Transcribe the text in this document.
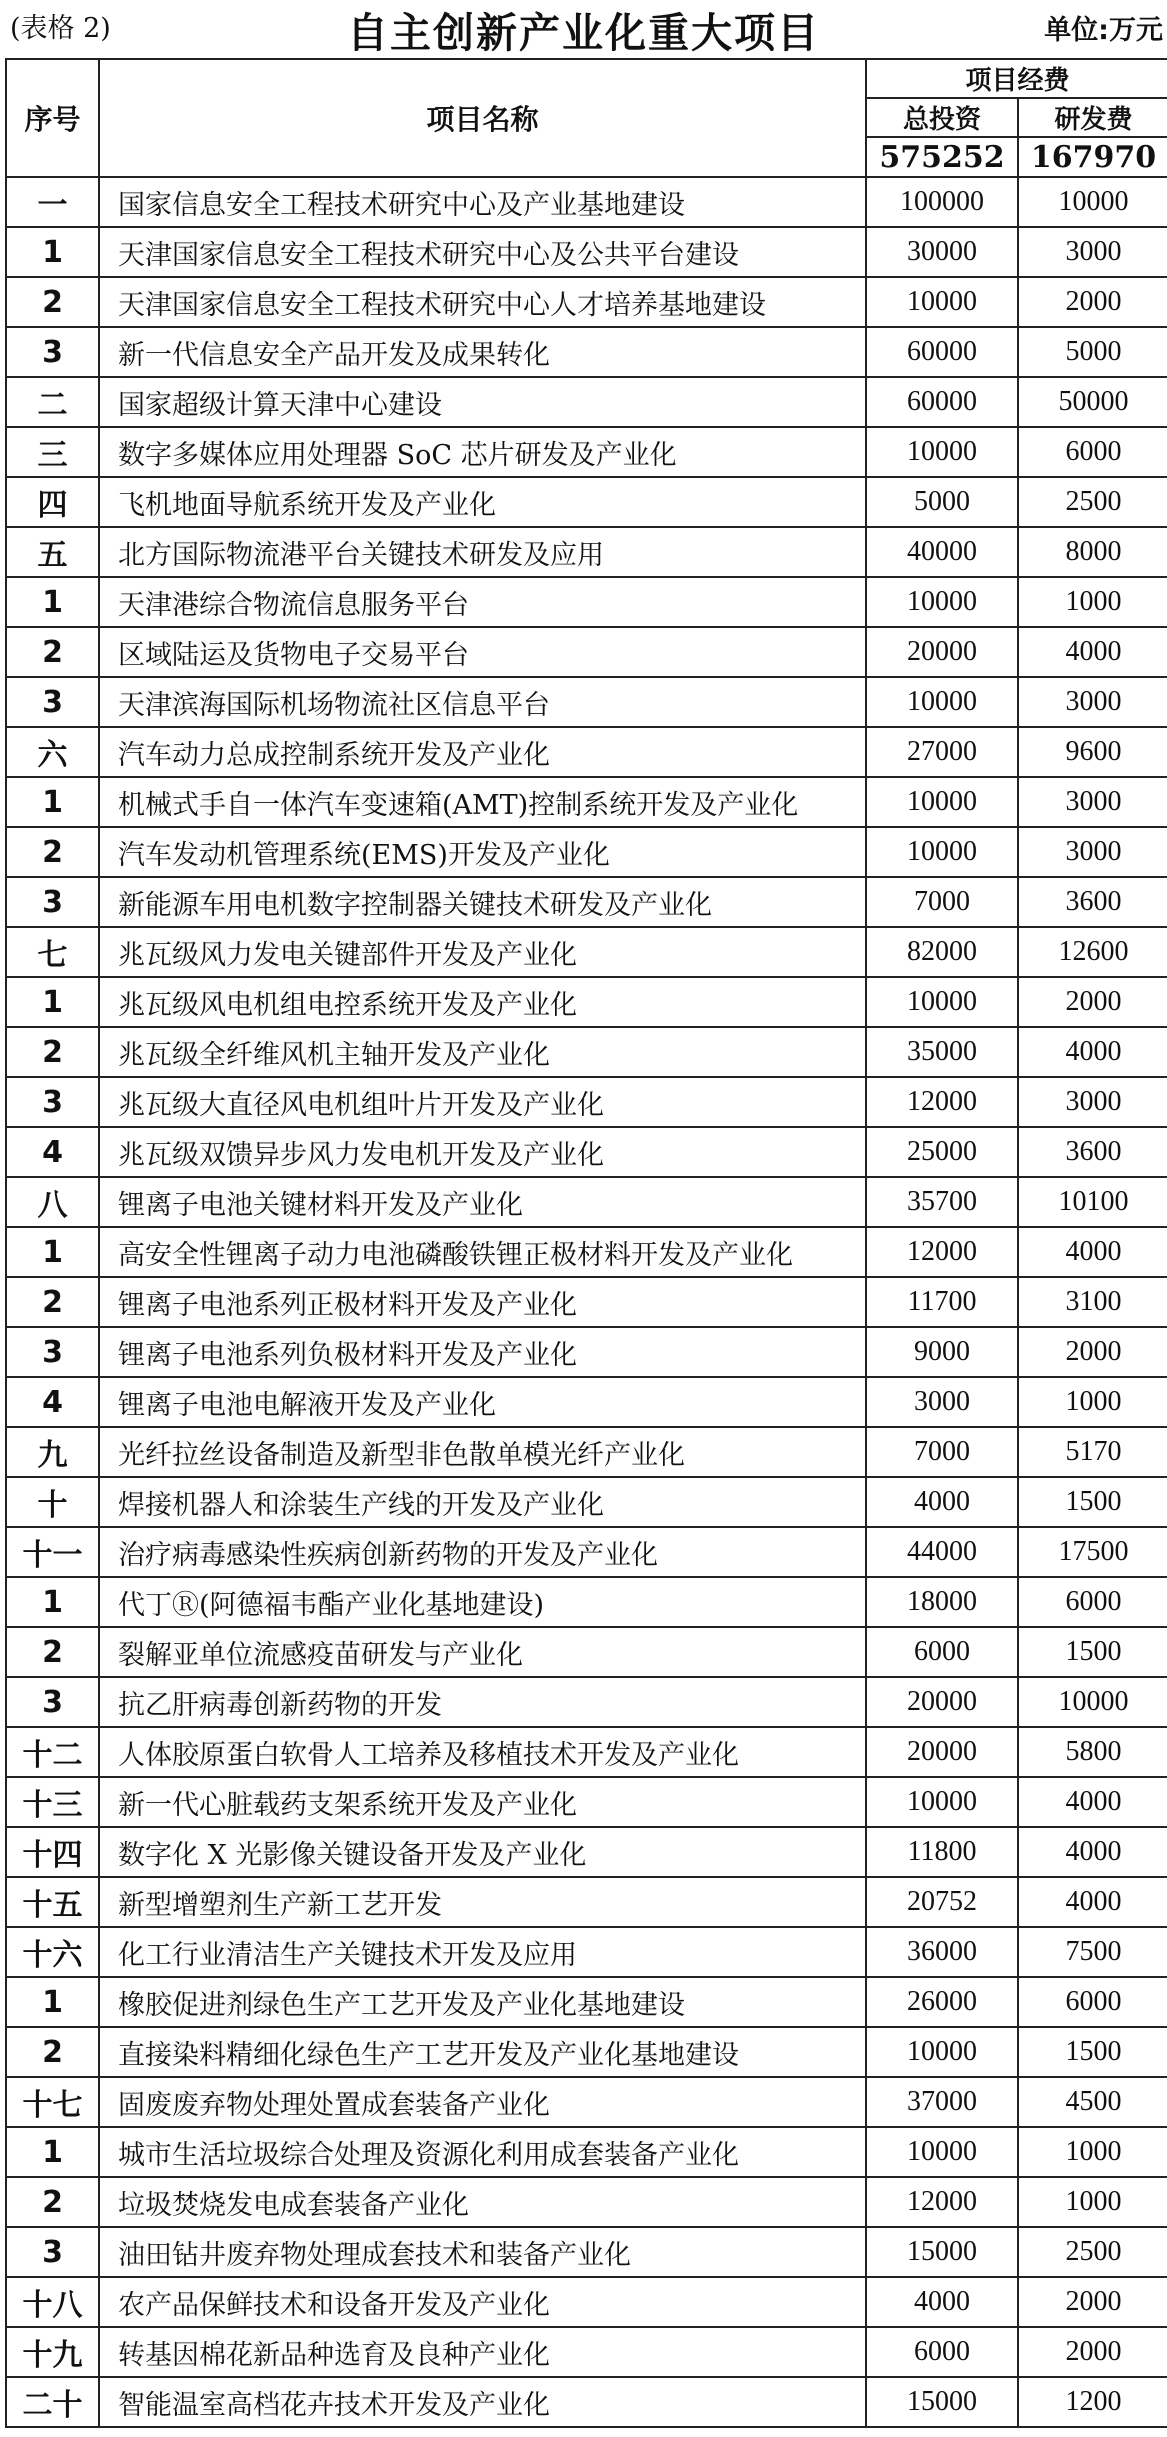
(表格 2)	自主创新产业化重大项目	单位:万元
序号	项目名称	项目经费	
		总投资	研发费
		575252	167970
一	国家信息安全工程技术研究中心及产业基地建设	100000	10000
1	天津国家信息安全工程技术研究中心及公共平台建设	30000	3000
2	天津国家信息安全工程技术研究中心人才培养基地建设	10000	2000
3	新一代信息安全产品开发及成果转化	60000	5000
二	国家超级计算天津中心建设	60000	50000
三	数字多媒体应用处理器 SoC 芯片研发及产业化	10000	6000
四	飞机地面导航系统开发及产业化	5000	2500
五	北方国际物流港平台关键技术研发及应用	40000	8000
1	天津港综合物流信息服务平台	10000	1000
2	区域陆运及货物电子交易平台	20000	4000
3	天津滨海国际机场物流社区信息平台	10000	3000
六	汽车动力总成控制系统开发及产业化	27000	9600
1	机械式手自一体汽车变速箱(AMT)控制系统开发及产业化	10000	3000
2	汽车发动机管理系统(EMS)开发及产业化	10000	3000
3	新能源车用电机数字控制器关键技术研发及产业化	7000	3600
七	兆瓦级风力发电关键部件开发及产业化	82000	12600
1	兆瓦级风电机组电控系统开发及产业化	10000	2000
2	兆瓦级全纤维风机主轴开发及产业化	35000	4000
3	兆瓦级大直径风电机组叶片开发及产业化	12000	3000
4	兆瓦级双馈异步风力发电机开发及产业化	25000	3600
八	锂离子电池关键材料开发及产业化	35700	10100
1	高安全性锂离子动力电池磷酸铁锂正极材料开发及产业化	12000	4000
2	锂离子电池系列正极材料开发及产业化	11700	3100
3	锂离子电池系列负极材料开发及产业化	9000	2000
4	锂离子电池电解液开发及产业化	3000	1000
九	光纤拉丝设备制造及新型非色散单模光纤产业化	7000	5170
十	焊接机器人和涂装生产线的开发及产业化	4000	1500
十一	治疗病毒感染性疾病创新药物的开发及产业化	44000	17500
1	代丁Ⓡ(阿德福韦酯产业化基地建设)	18000	6000
2	裂解亚单位流感疫苗研发与产业化	6000	1500
3	抗乙肝病毒创新药物的开发	20000	10000
十二	人体胶原蛋白软骨人工培养及移植技术开发及产业化	20000	5800
十三	新一代心脏载药支架系统开发及产业化	10000	4000
十四	数字化 X 光影像关键设备开发及产业化	11800	4000
十五	新型增塑剂生产新工艺开发	20752	4000
十六	化工行业清洁生产关键技术开发及应用	36000	7500
1	橡胶促进剂绿色生产工艺开发及产业化基地建设	26000	6000
2	直接染料精细化绿色生产工艺开发及产业化基地建设	10000	1500
十七	固废废弃物处理处置成套装备产业化	37000	4500
1	城市生活垃圾综合处理及资源化利用成套装备产业化	10000	1000
2	垃圾焚烧发电成套装备产业化	12000	1000
3	油田钻井废弃物处理成套技术和装备产业化	15000	2500
十八	农产品保鲜技术和设备开发及产业化	4000	2000
十九	转基因棉花新品种选育及良种产业化	6000	2000
二十	智能温室高档花卉技术开发及产业化	15000	1200
